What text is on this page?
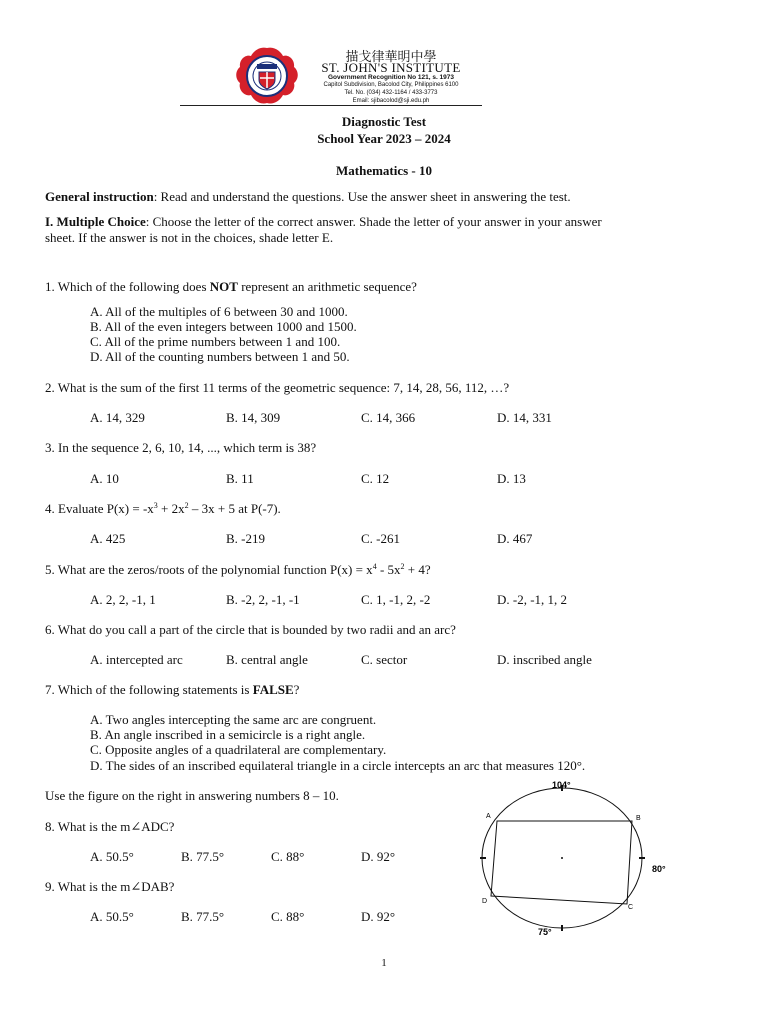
描戈律華明中學
ST. JOHN'S INSTITUTE
Government Recognition No 121, s. 1973
Capitol Subdivision, Bacolod City, Philippines 6100
Tel. No. (034) 432-1164 / 433-3773
Email: sjibacolod@sji.edu.ph
Diagnostic Test
School Year 2023 – 2024
Mathematics - 10
General instruction: Read and understand the questions. Use the answer sheet in answering the test.
I. Multiple Choice: Choose the letter of the correct answer. Shade the letter of your answer in your answer
sheet. If the answer is not in the choices, shade letter E.
1. Which of the following does NOT represent an arithmetic sequence?
A. All of the multiples of 6 between 30 and 1000.
B. All of the even integers between 1000 and 1500.
C. All of the prime numbers between 1 and 100.
D. All of the counting numbers between 1 and 50.
2. What is the sum of the first 11 terms of the geometric sequence: 7, 14, 28, 56, 112, …?
A. 14, 329	B. 14, 309	C. 14, 366	D. 14, 331
3. In the sequence 2, 6, 10, 14, ..., which term is 38?
A. 10	B. 11	C. 12	D. 13
4. Evaluate $P(x) = -x^3 + 2x^2 - 3x + 5$ at P(-7).
A. 425	B. -219	C. -261	D. 467
5. What are the zeros/roots of the polynomial function $P(x) = x^4 - 5x^2 + 4$?
A. 2, 2, -1, 1	B. -2, 2, -1, -1	C. 1, -1, 2, -2	D. -2, -1, 1, 2
6. What do you call a part of the circle that is bounded by two radii and an arc?
A. intercepted arc	B. central angle	C. sector	D. inscribed angle
7. Which of the following statements is FALSE?
A. Two angles intercepting the same arc are congruent.
B. An angle inscribed in a semicircle is a right angle.
C. Opposite angles of a quadrilateral are complementary.
D. The sides of an inscribed equilateral triangle in a circle intercepts an arc that measures 120°.
Use the figure on the right in answering numbers 8 – 10.
8. What is the m∠ADC?
A. 50.5°	B. 77.5°	C. 88°	D. 92°
9. What is the m∠DAB?
A. 50.5°	B. 77.5°	C. 88°	D. 92°
104°
80°
75°
A	B
C
D
1
